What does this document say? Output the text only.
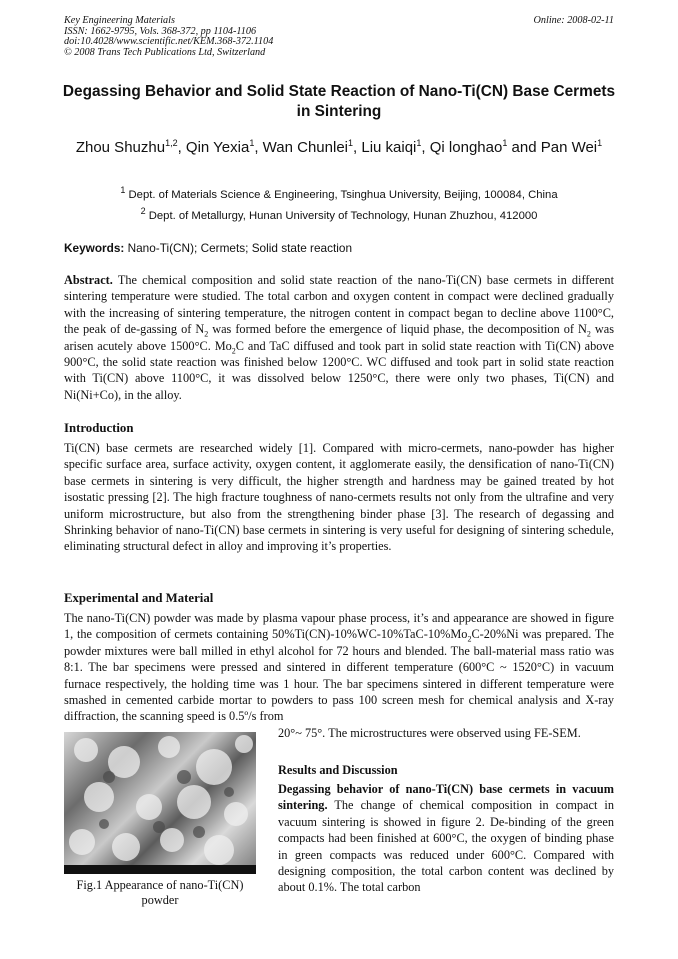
Key Engineering Materials
ISSN: 1662-9795, Vols. 368-372, pp 1104-1106
doi:10.4028/www.scientific.net/KEM.368-372.1104
© 2008 Trans Tech Publications Ltd, Switzerland
Online: 2008-02-11
Degassing Behavior and Solid State Reaction of Nano-Ti(CN) Base Cermets in Sintering
Zhou Shuzhu$^{1,2}$, Qin Yexia$^1$, Wan Chunlei$^1$, Liu kaiqi$^1$, Qi longhao$^1$ and Pan Wei$^1$
$^1$ Dept. of Materials Science & Engineering, Tsinghua University, Beijing, 100084, China
$^2$ Dept. of Metallurgy, Hunan University of Technology, Hunan Zhuzhou, 412000
Keywords: Nano-Ti(CN); Cermets; Solid state reaction
Abstract. The chemical composition and solid state reaction of the nano-Ti(CN) base cermets in different sintering temperature were studied. The total carbon and oxygen content in compact were declined gradually with the increasing of sintering temperature, the nitrogen content in compact began to decline above 1100°C, the peak of de-gassing of $N_2$ was formed before the emergence of liquid phase, the decomposition of $N_2$ was arisen acutely above 1500°C. $Mo_2C$ and TaC diffused and took part in solid state reaction with Ti(CN) above 900°C, the solid state reaction was finished below 1200°C. WC diffused and took part in solid state reaction with Ti(CN) above 1100°C, it was dissolved below 1250°C, there were only two phases, Ti(CN) and Ni(Ni+Co), in the alloy.
Introduction
Ti(CN) base cermets are researched widely [1]. Compared with micro-cermets, nano-powder has higher specific surface area, surface activity, oxygen content, it agglomerate easily, the densification of nano-Ti(CN) base cermets in sintering is very difficult, the higher strength and hardness may be gained treated by hot isostatic pressing [2]. The high fracture toughness of nano-cermets results not only from the ultrafine and very uniform microstructure, but also from the strengthening binder phase [3]. The research of degassing and Shrinking behavior of nano-Ti(CN) base cermets in sintering is very useful for designing of sintering schedule, eliminating structural defect in alloy and improving it’s properties.
Experimental and Material
The nano-Ti(CN) powder was made by plasma vapour phase process, it’s and appearance are showed in figure 1, the composition of cermets containing $50\%Ti(CN)-10\%WC-10\%TaC-10\%Mo_2C-20\%Ni$ was prepared. The powder mixtures were ball milled in ethyl alcohol for 72 hours and blended. The ball-material mass ratio was 8:1. The bar specimens were pressed and sintered in different temperature (600°C ~ 1520°C) in vacuum furnace respectively, the holding time was 1 hour. The bar specimens sintered in different temperature were smashed in cemented carbide mortar to powders to pass 100 screen mesh for chemical analysis and X-ray diffraction, the scanning speed is 0.5º/s from
Fig.1 Appearance of nano-Ti(CN) powder
20°~ 75°. The microstructures were observed using FE-SEM.
Results and Discussion
Degassing behavior of nano-Ti(CN) base cermets in vacuum sintering. The change of chemical composition in compact in vacuum sintering is showed in figure 2. De-binding of the green compacts had been finished at 600°C, the oxygen of binding phase in green compacts was reduced under 600°C. Compared with designing composition, the total carbon content was declined by about 0.1%. The total carbon
